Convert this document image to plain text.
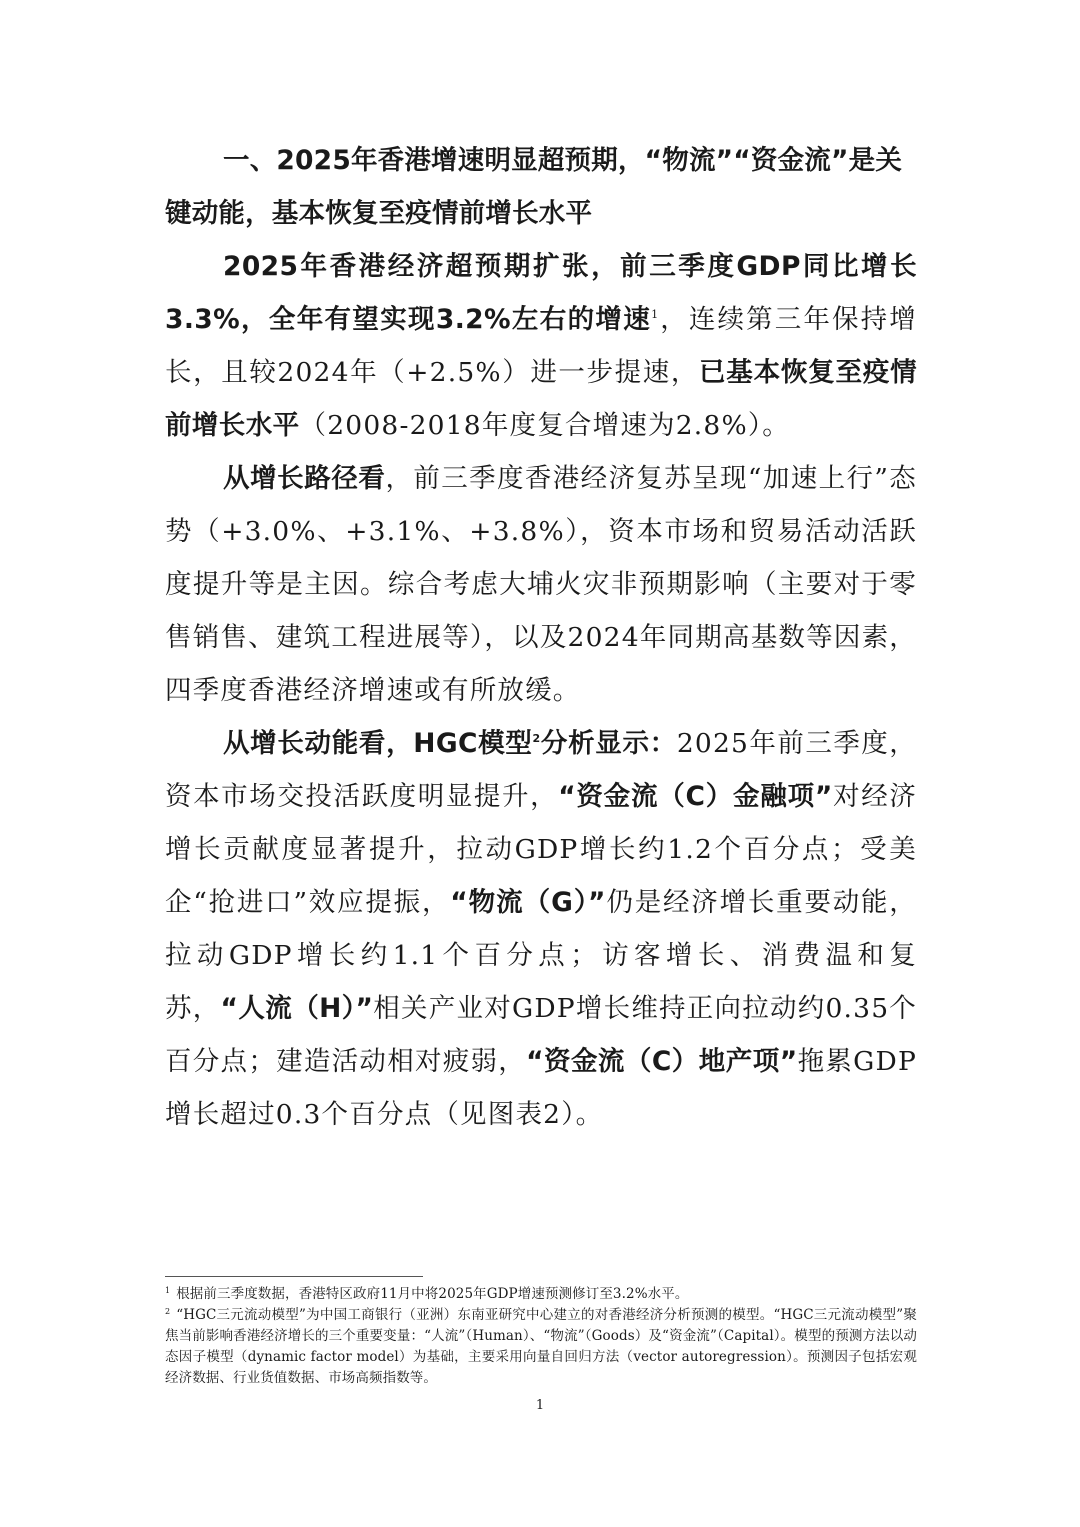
一、2025年香港增速明显超预期，“物流”“资金流”是关键动能，基本恢复至疫情前增长水平

2025年香港经济超预期扩张，前三季度GDP同比增长3.3%，全年有望实现3.2%左右的增速$^1$，连续第三年保持增长，且较2024年（+2.5%）进一步提速，已基本恢复至疫情前增长水平（2008-2018年度复合增速为2.8%）。

从增长路径看，前三季度香港经济复苏呈现“加速上行”态势（+3.0%、+3.1%、+3.8%），资本市场和贸易活动活跃度提升等是主因。综合考虑大埔火灾非预期影响（主要对于零售销售、建筑工程进展等），以及2024年同期高基数等因素，四季度香港经济增速或有所放缓。

从增长动能看，HGC模型$^2$分析显示：2025年前三季度，资本市场交投活跃度明显提升，“资金流（C）金融项”对经济增长贡献度显著提升，拉动GDP增长约1.2个百分点；受美企“抢进口”效应提振，“物流（G）”仍是经济增长重要动能，拉动GDP增长约1.1个百分点；访客增长、消费温和复苏，“人流（H）”相关产业对GDP增长维持正向拉动约0.35个百分点；建造活动相对疲弱，“资金流（C）地产项”拖累GDP增长超过0.3个百分点（见图表2）。

$^1$ 根据前三季度数据，香港特区政府11月中将2025年GDP增速预测修订至3.2%水平。

$^2$ “HGC三元流动模型”为中国工商银行（亚洲）东南亚研究中心建立的对香港经济分析预测的模型。“HGC三元流动模型”聚焦当前影响香港经济增长的三个重要变量：“人流”（Human）、“物流”（Goods）及“资金流”（Capital）。模型的预测方法以动态因子模型（dynamic factor model）为基础，主要采用向量自回归方法（vector autoregression）。预测因子包括宏观经济数据、行业货值数据、市场高频指数等。

1
